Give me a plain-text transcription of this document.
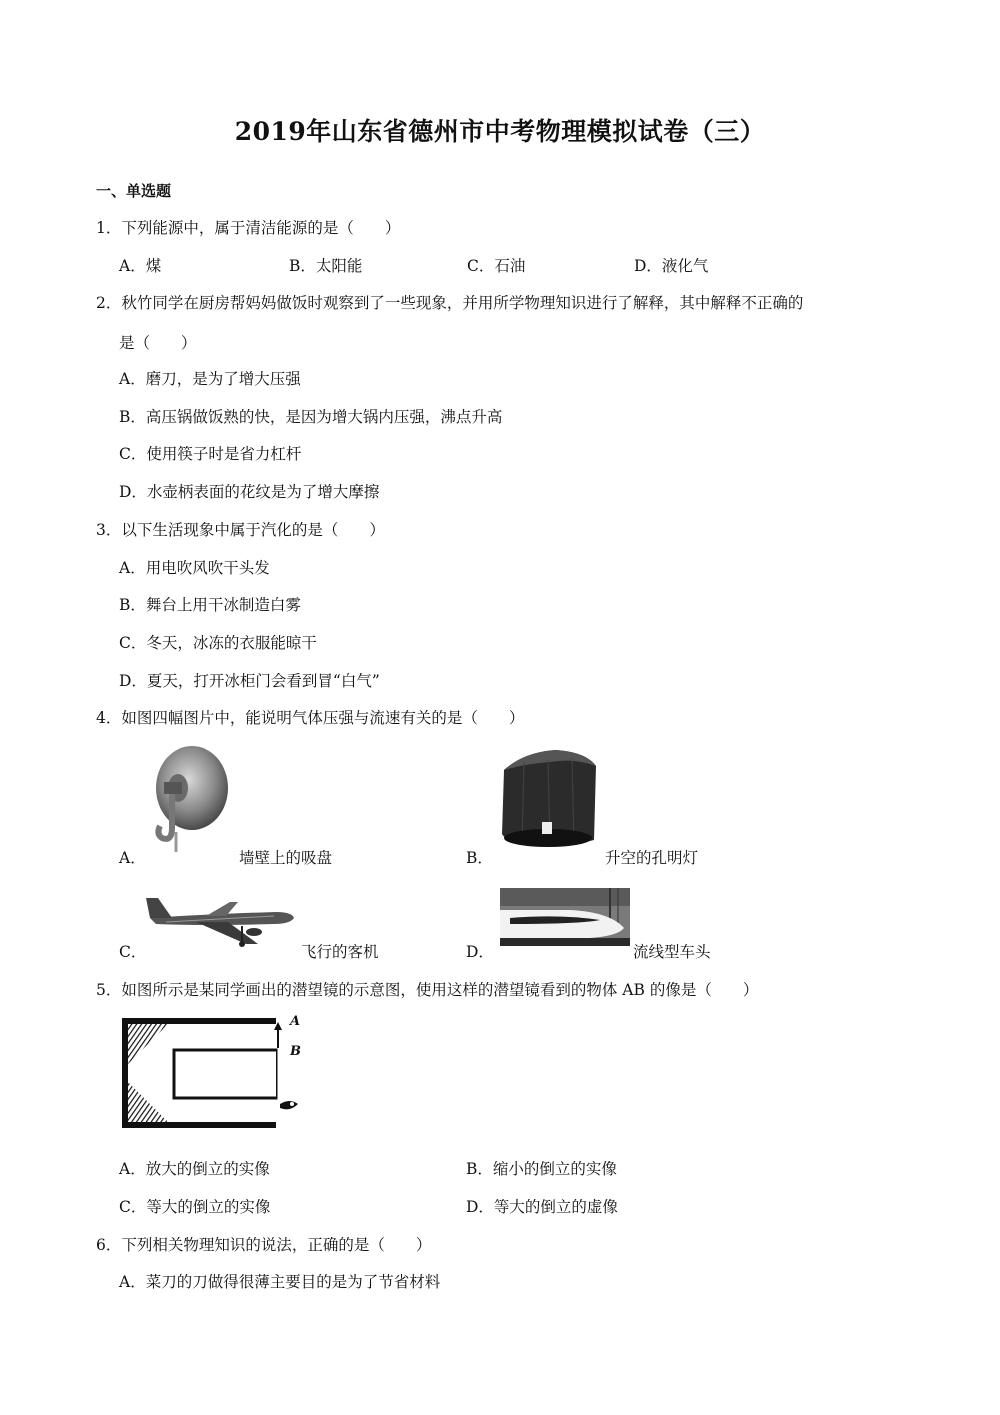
2019年山东省德州市中考物理模拟试卷（三）
一、单选题
1．下列能源中，属于清洁能源的是（　　）
A．煤	B．太阳能	C．石油	D．液化气
2．秋竹同学在厨房帮妈妈做饭时观察到了一些现象，并用所学物理知识进行了解释，其中解释不正确的
是（　　）
A．磨刀，是为了增大压强
B．高压锅做饭熟的快，是因为增大锅内压强，沸点升高
C．使用筷子时是省力杠杆
D．水壶柄表面的花纹是为了增大摩擦
3．以下生活现象中属于汽化的是（　　）
A．用电吹风吹干头发
B．舞台上用干冰制造白雾
C．冬天，冰冻的衣服能晾干
D．夏天，打开冰柜门会看到冒“白气”
4．如图四幅图片中，能说明气体压强与流速有关的是（　　）
A．	墙壁上的吸盘	B．	升空的孔明灯
C．	飞行的客机	D．	流线型车头
5．如图所示是某同学画出的潜望镜的示意图，使用这样的潜望镜看到的物体 AB 的像是（　　）
A
B
A．放大的倒立的实像	B．缩小的倒立的实像
C．等大的倒立的实像	D．等大的倒立的虚像
6．下列相关物理知识的说法，正确的是（　　）
A．菜刀的刀做得很薄主要目的是为了节省材料
